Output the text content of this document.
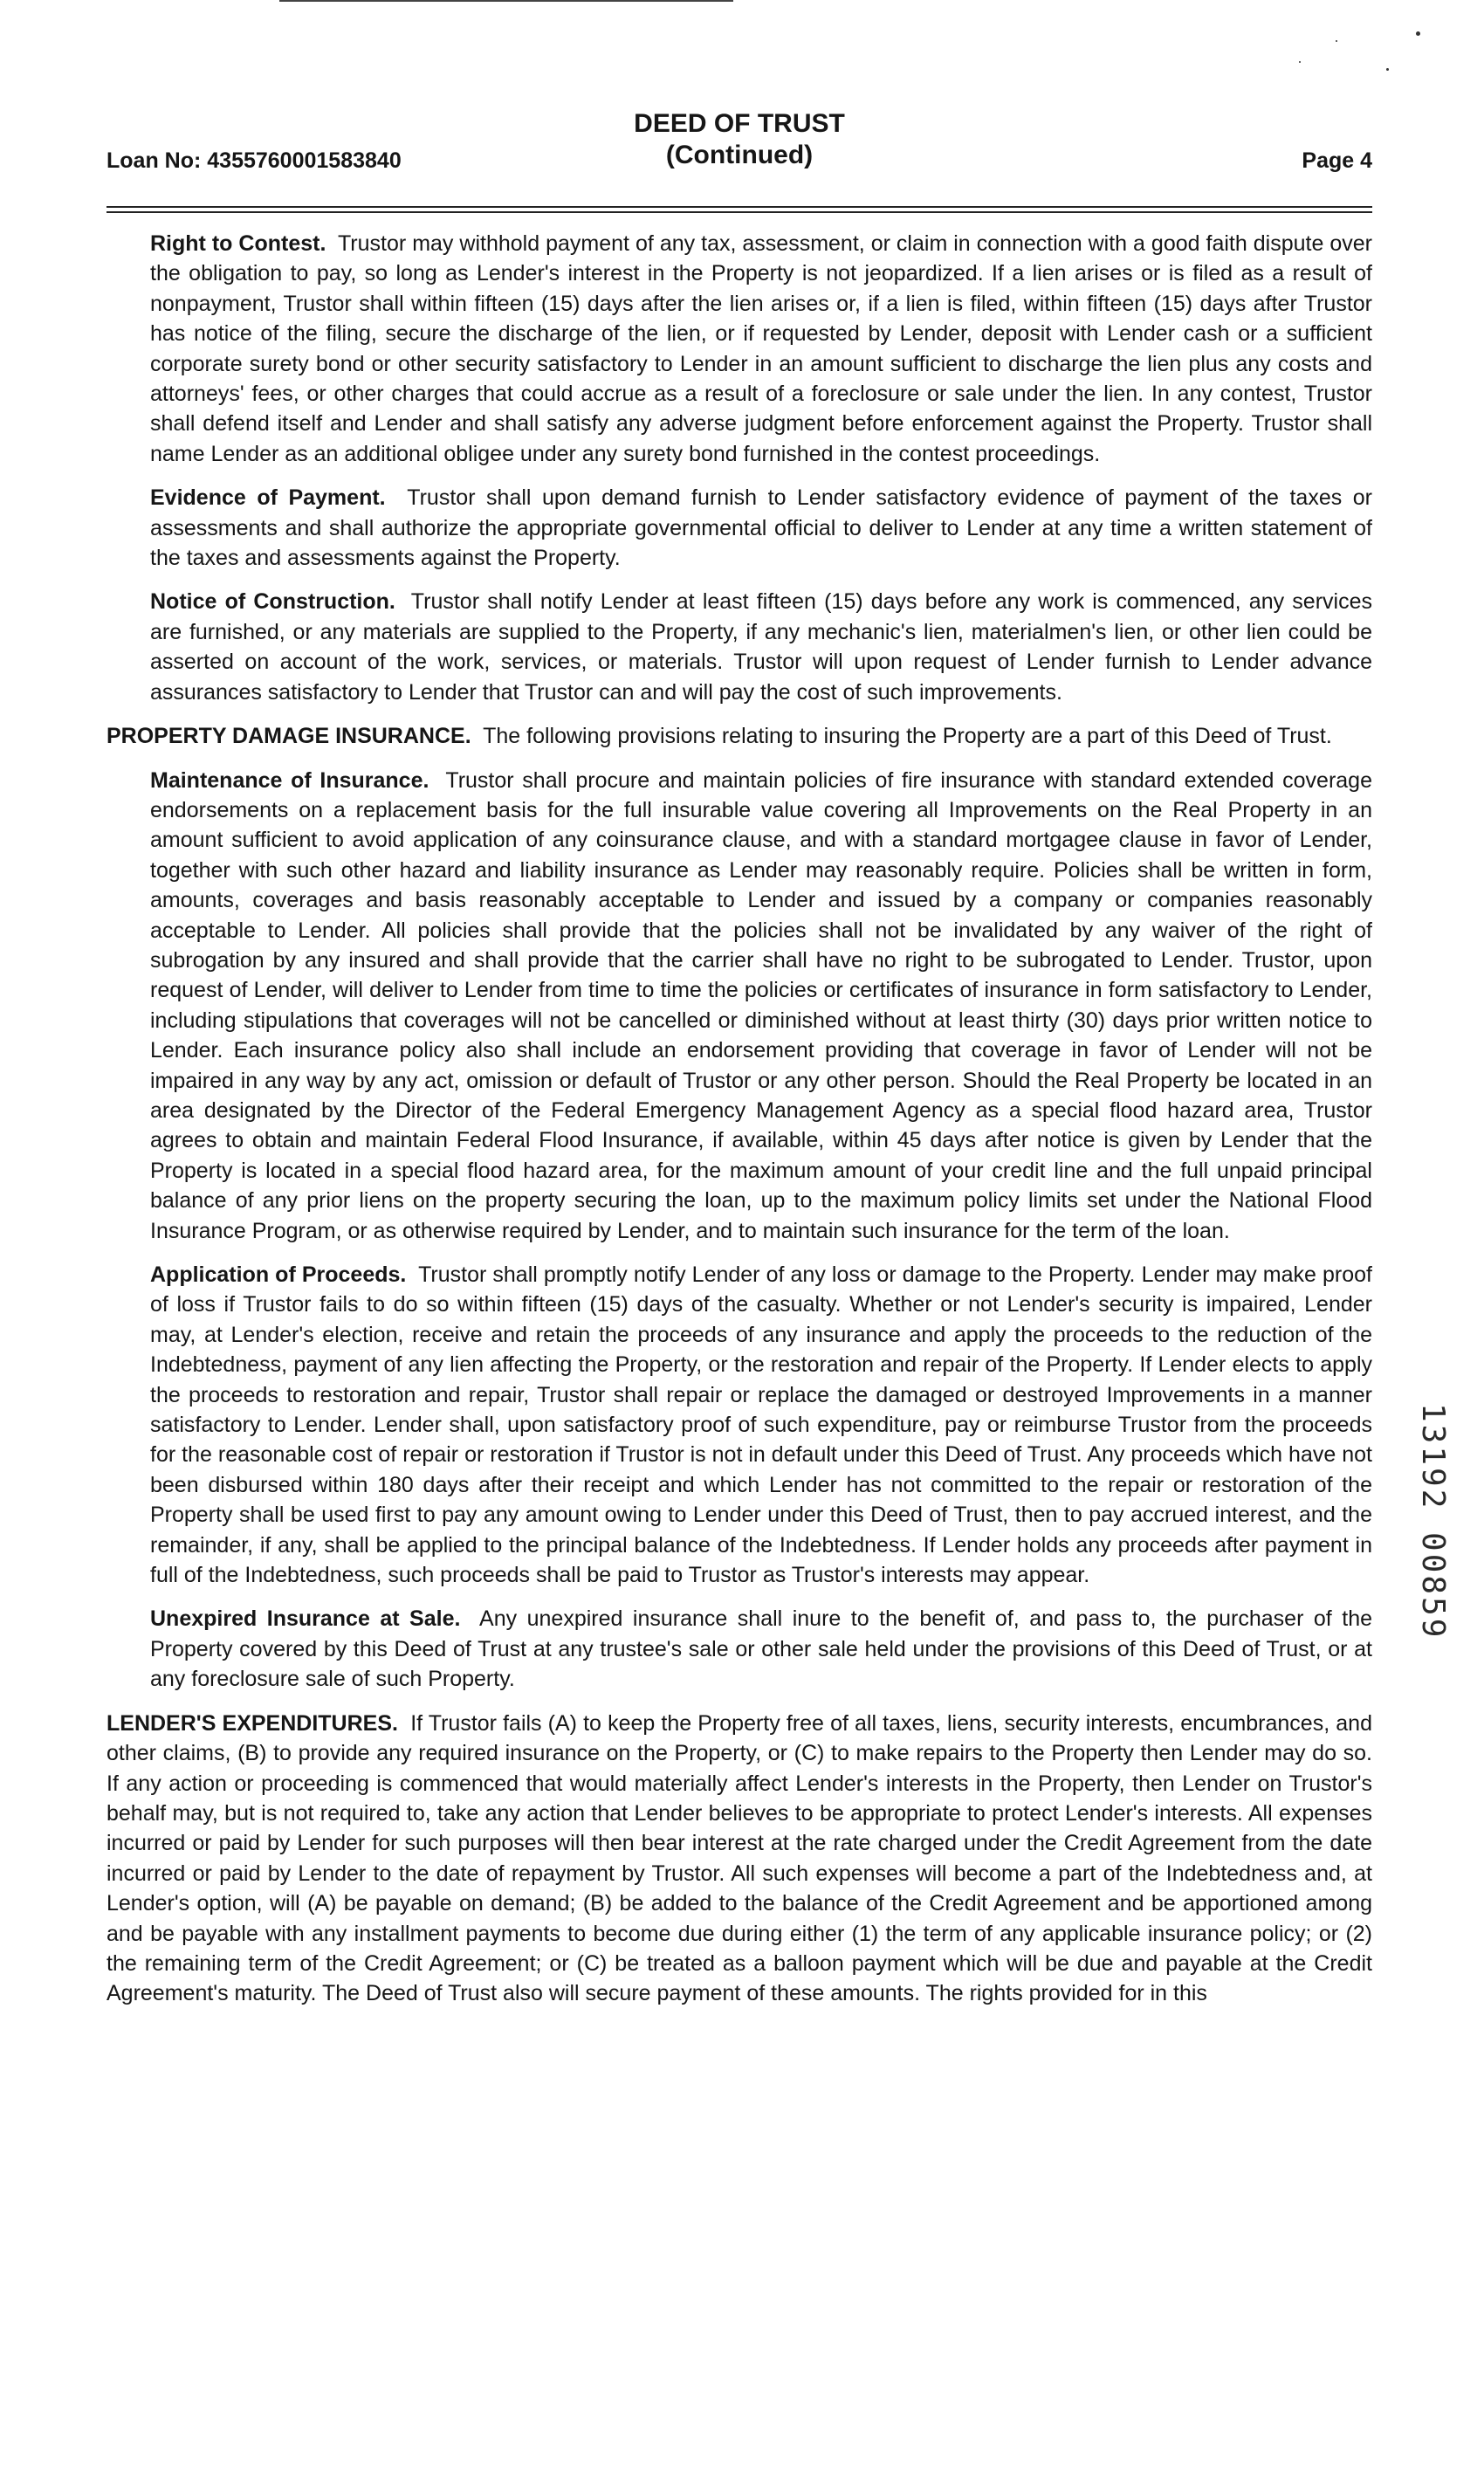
Loan No: 4355760001583840
DEED OF TRUST
(Continued)	Page 4

Right to Contest. Trustor may withhold payment of any tax, assessment, or claim in connection with a good faith dispute over the obligation to pay, so long as Lender's interest in the Property is not jeopardized. If a lien arises or is filed as a result of nonpayment, Trustor shall within fifteen (15) days after the lien arises or, if a lien is filed, within fifteen (15) days after Trustor has notice of the filing, secure the discharge of the lien, or if requested by Lender, deposit with Lender cash or a sufficient corporate surety bond or other security satisfactory to Lender in an amount sufficient to discharge the lien plus any costs and attorneys' fees, or other charges that could accrue as a result of a foreclosure or sale under the lien. In any contest, Trustor shall defend itself and Lender and shall satisfy any adverse judgment before enforcement against the Property. Trustor shall name Lender as an additional obligee under any surety bond furnished in the contest proceedings.

Evidence of Payment. Trustor shall upon demand furnish to Lender satisfactory evidence of payment of the taxes or assessments and shall authorize the appropriate governmental official to deliver to Lender at any time a written statement of the taxes and assessments against the Property.

Notice of Construction. Trustor shall notify Lender at least fifteen (15) days before any work is commenced, any services are furnished, or any materials are supplied to the Property, if any mechanic's lien, materialmen's lien, or other lien could be asserted on account of the work, services, or materials. Trustor will upon request of Lender furnish to Lender advance assurances satisfactory to Lender that Trustor can and will pay the cost of such improvements.

PROPERTY DAMAGE INSURANCE. The following provisions relating to insuring the Property are a part of this Deed of Trust.

Maintenance of Insurance. Trustor shall procure and maintain policies of fire insurance with standard extended coverage endorsements on a replacement basis for the full insurable value covering all Improvements on the Real Property in an amount sufficient to avoid application of any coinsurance clause, and with a standard mortgagee clause in favor of Lender, together with such other hazard and liability insurance as Lender may reasonably require. Policies shall be written in form, amounts, coverages and basis reasonably acceptable to Lender and issued by a company or companies reasonably acceptable to Lender. All policies shall provide that the policies shall not be invalidated by any waiver of the right of subrogation by any insured and shall provide that the carrier shall have no right to be subrogated to Lender. Trustor, upon request of Lender, will deliver to Lender from time to time the policies or certificates of insurance in form satisfactory to Lender, including stipulations that coverages will not be cancelled or diminished without at least thirty (30) days prior written notice to Lender. Each insurance policy also shall include an endorsement providing that coverage in favor of Lender will not be impaired in any way by any act, omission or default of Trustor or any other person. Should the Real Property be located in an area designated by the Director of the Federal Emergency Management Agency as a special flood hazard area, Trustor agrees to obtain and maintain Federal Flood Insurance, if available, within 45 days after notice is given by Lender that the Property is located in a special flood hazard area, for the maximum amount of your credit line and the full unpaid principal balance of any prior liens on the property securing the loan, up to the maximum policy limits set under the National Flood Insurance Program, or as otherwise required by Lender, and to maintain such insurance for the term of the loan.

Application of Proceeds. Trustor shall promptly notify Lender of any loss or damage to the Property. Lender may make proof of loss if Trustor fails to do so within fifteen (15) days of the casualty. Whether or not Lender's security is impaired, Lender may, at Lender's election, receive and retain the proceeds of any insurance and apply the proceeds to the reduction of the Indebtedness, payment of any lien affecting the Property, or the restoration and repair of the Property. If Lender elects to apply the proceeds to restoration and repair, Trustor shall repair or replace the damaged or destroyed Improvements in a manner satisfactory to Lender. Lender shall, upon satisfactory proof of such expenditure, pay or reimburse Trustor from the proceeds for the reasonable cost of repair or restoration if Trustor is not in default under this Deed of Trust. Any proceeds which have not been disbursed within 180 days after their receipt and which Lender has not committed to the repair or restoration of the Property shall be used first to pay any amount owing to Lender under this Deed of Trust, then to pay accrued interest, and the remainder, if any, shall be applied to the principal balance of the Indebtedness. If Lender holds any proceeds after payment in full of the Indebtedness, such proceeds shall be paid to Trustor as Trustor's interests may appear.

Unexpired Insurance at Sale. Any unexpired insurance shall inure to the benefit of, and pass to, the purchaser of the Property covered by this Deed of Trust at any trustee's sale or other sale held under the provisions of this Deed of Trust, or at any foreclosure sale of such Property.

LENDER'S EXPENDITURES. If Trustor fails (A) to keep the Property free of all taxes, liens, security interests, encumbrances, and other claims, (B) to provide any required insurance on the Property, or (C) to make repairs to the Property then Lender may do so. If any action or proceeding is commenced that would materially affect Lender's interests in the Property, then Lender on Trustor's behalf may, but is not required to, take any action that Lender believes to be appropriate to protect Lender's interests. All expenses incurred or paid by Lender for such purposes will then bear interest at the rate charged under the Credit Agreement from the date incurred or paid by Lender to the date of repayment by Trustor. All such expenses will become a part of the Indebtedness and, at Lender's option, will (A) be payable on demand; (B) be added to the balance of the Credit Agreement and be apportioned among and be payable with any installment payments to become due during either (1) the term of any applicable insurance policy; or (2) the remaining term of the Credit Agreement; or (C) be treated as a balloon payment which will be due and payable at the Credit Agreement's maturity. The Deed of Trust also will secure payment of these amounts. The rights provided for in this

13192 00859
